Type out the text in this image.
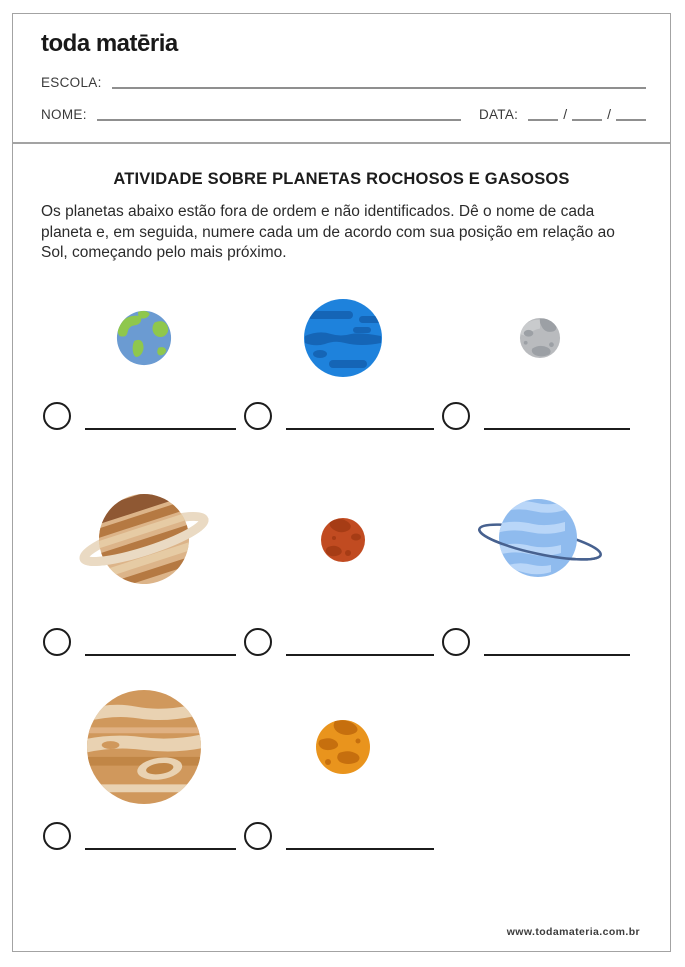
toda matēria
ESCOLA:
NOME:	DATA:	/	/
ATIVIDADE SOBRE PLANETAS ROCHOSOS E GASOSOS

Os planetas abaixo estão fora de ordem e não identificados. Dê o nome de cada planeta e, em seguida, numere cada um de acordo com sua posição em relação ao Sol, começando pelo mais próximo.

www.todamateria.com.br
